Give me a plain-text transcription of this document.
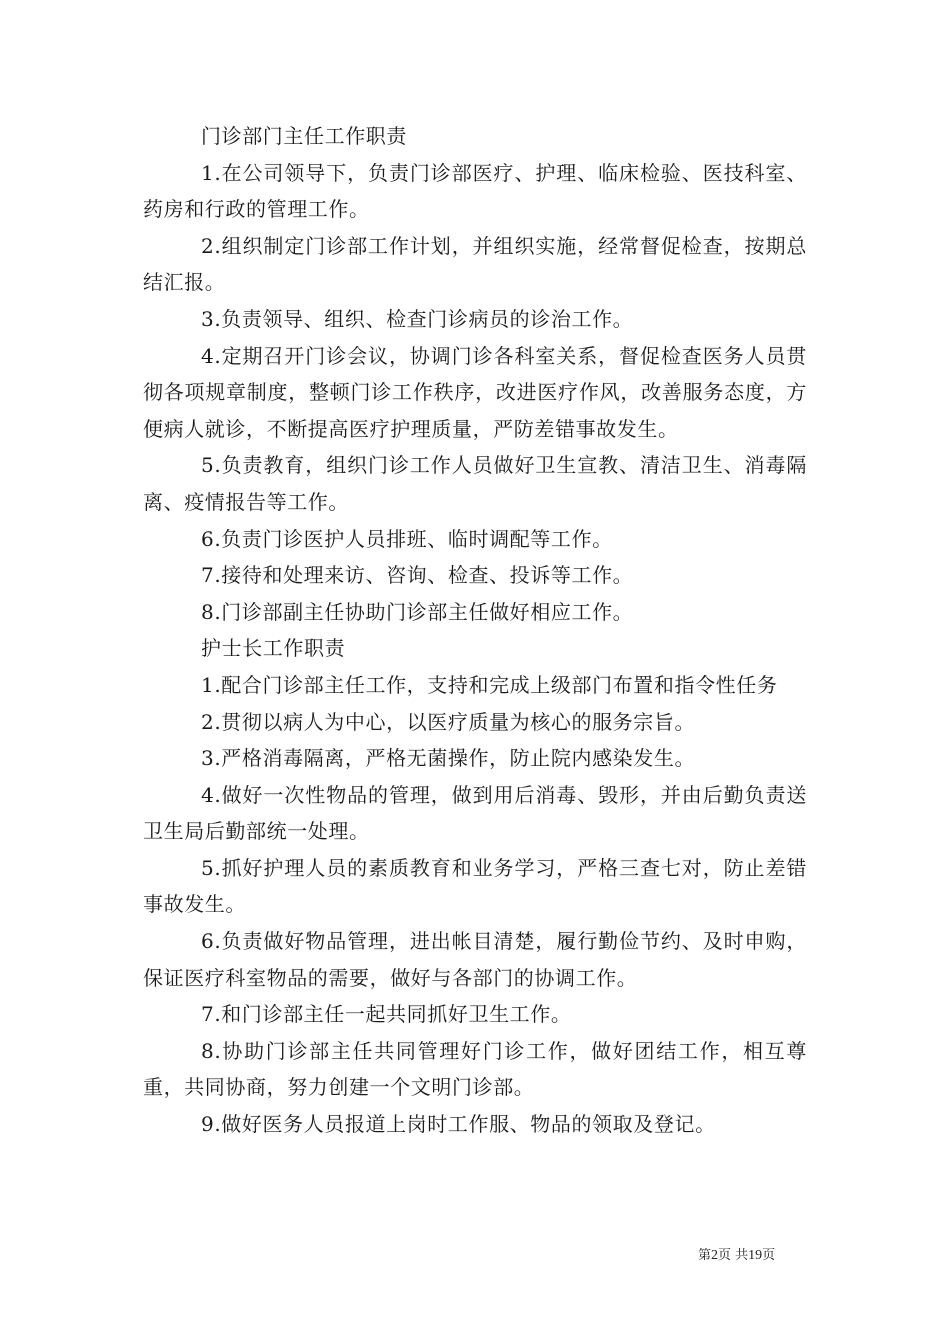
门诊部门主任工作职责

1.在公司领导下，负责门诊部医疗、护理、临床检验、医技科室、药房和行政的管理工作。

2.组织制定门诊部工作计划，并组织实施，经常督促检查，按期总结汇报。

3.负责领导、组织、检查门诊病员的诊治工作。

4.定期召开门诊会议，协调门诊各科室关系，督促检查医务人员贯彻各项规章制度，整顿门诊工作秩序，改进医疗作风，改善服务态度，方便病人就诊，不断提高医疗护理质量，严防差错事故发生。

5.负责教育，组织门诊工作人员做好卫生宣教、清洁卫生、消毒隔离、疫情报告等工作。

6.负责门诊医护人员排班、临时调配等工作。

7.接待和处理来访、咨询、检查、投诉等工作。

8.门诊部副主任协助门诊部主任做好相应工作。

护士长工作职责

1.配合门诊部主任工作，支持和完成上级部门布置和指令性任务

2.贯彻以病人为中心，以医疗质量为核心的服务宗旨。

3.严格消毒隔离，严格无菌操作，防止院内感染发生。

4.做好一次性物品的管理，做到用后消毒、毁形，并由后勤负责送卫生局后勤部统一处理。

5.抓好护理人员的素质教育和业务学习，严格三查七对，防止差错事故发生。

6.负责做好物品管理，进出帐目清楚，履行勤俭节约、及时申购，保证医疗科室物品的需要，做好与各部门的协调工作。

7.和门诊部主任一起共同抓好卫生工作。

8.协助门诊部主任共同管理好门诊工作，做好团结工作，相互尊重，共同协商，努力创建一个文明门诊部。

9.做好医务人员报道上岗时工作服、物品的领取及登记。

第2页 共19页
